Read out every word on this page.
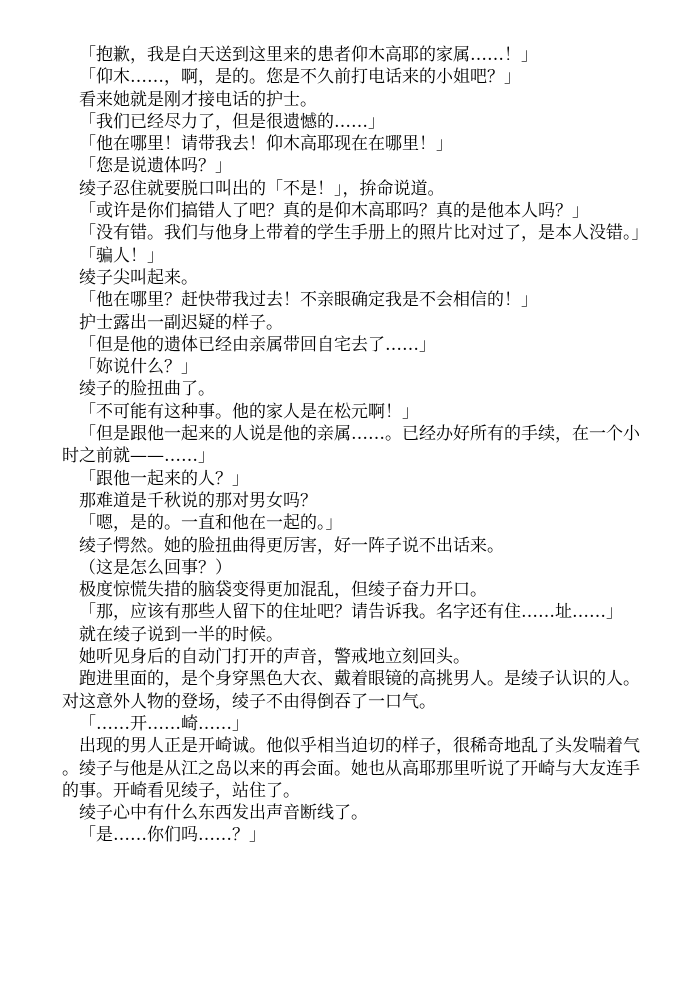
「抱歉，我是白天送到这里来的患者仰木高耶的家属……！」

「仰木……，啊，是的。您是不久前打电话来的小姐吧？」

看来她就是刚才接电话的护士。

「我们已经尽力了，但是很遗憾的……」

「他在哪里！请带我去！仰木高耶现在在哪里！」

「您是说遗体吗？」

绫子忍住就要脱口叫出的「不是！」，拚命说道。

「或许是你们搞错人了吧？真的是仰木高耶吗？真的是他本人吗？」

「没有错。我们与他身上带着的学生手册上的照片比对过了，是本人没错。」

「骗人！」

绫子尖叫起来。

「他在哪里？赶快带我过去！不亲眼确定我是不会相信的！」

护士露出一副迟疑的样子。

「但是他的遗体已经由亲属带回自宅去了……」

「妳说什么？」

绫子的脸扭曲了。

「不可能有这种事。他的家人是在松元啊！」

「但是跟他一起来的人说是他的亲属……。已经办好所有的手续，在一个小时之前就——……」

「跟他一起来的人？」

那难道是千秋说的那对男女吗？

「嗯，是的。一直和他在一起的。」

绫子愕然。她的脸扭曲得更厉害，好一阵子说不出话来。

（这是怎么回事？）

极度惊慌失措的脑袋变得更加混乱，但绫子奋力开口。

「那，应该有那些人留下的住址吧？请告诉我。名字还有住……址……」

就在绫子说到一半的时候。

她听见身后的自动门打开的声音，警戒地立刻回头。

跑进里面的，是个身穿黑色大衣、戴着眼镜的高挑男人。是绫子认识的人。对这意外人物的登场，绫子不由得倒吞了一口气。

「……开……崎……」

出现的男人正是开崎诚。他似乎相当迫切的样子，很稀奇地乱了头发喘着气。绫子与他是从江之岛以来的再会面。她也从高耶那里听说了开崎与大友连手的事。开崎看见绫子，站住了。

绫子心中有什么东西发出声音断线了。

「是……你们吗……？」
